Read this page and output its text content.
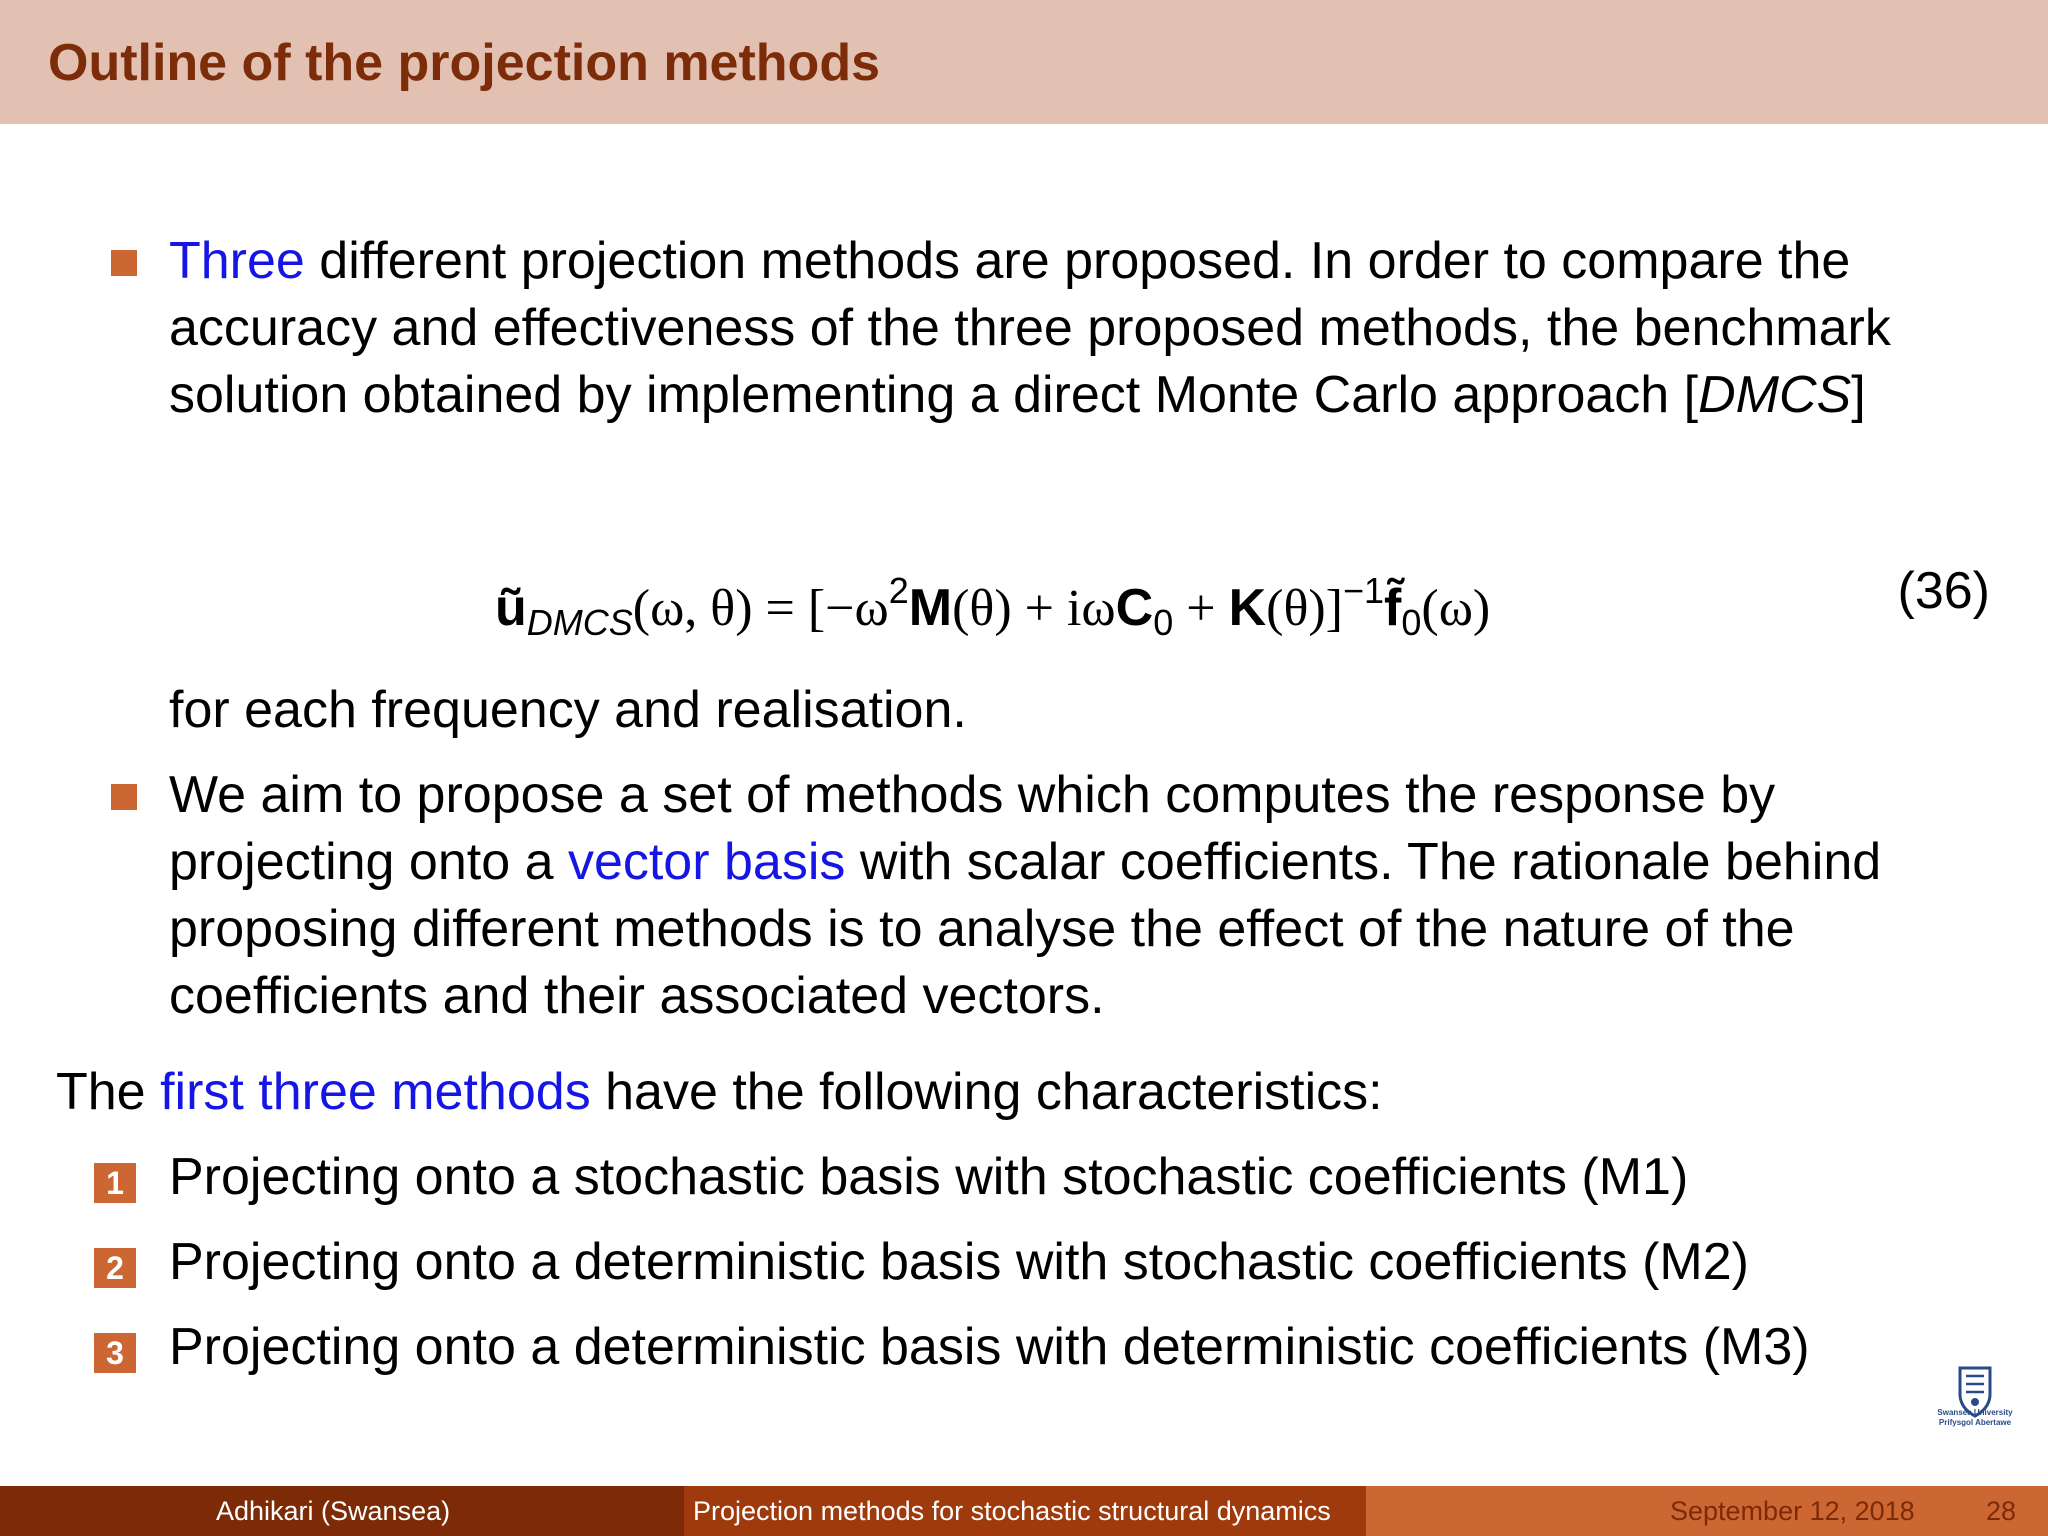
Outline of the projection methods

Three different projection methods are proposed. In order to compare the accuracy and effectiveness of the three proposed methods, the benchmark solution obtained by implementing a direct Monte Carlo approach [DMCS]

$ũ_{DMCS}(\omega$, $\theta) = [-\omega^2M(\theta) + i\omega C_0$ + $K(\theta)]^{-1}f̃_0(\omega)$	(36)

for each frequency and realisation.

We aim to propose a set of methods which computes the response by projecting onto a vector basis with scalar coefficients. The rationale behind proposing different methods is to analyse the effect of the nature of the coefficients and their associated vectors.

The first three methods have the following characteristics:

1 Projecting onto a stochastic basis with stochastic coefficients (M1)
2 Projecting onto a deterministic basis with stochastic coefficients (M2)
3 Projecting onto a deterministic basis with deterministic coefficients (M3)
Swansea University
Prifysgol Abertawe
Adhikari (Swansea)	Projection methods for stochastic structural dynamics	September 12, 2018	28
